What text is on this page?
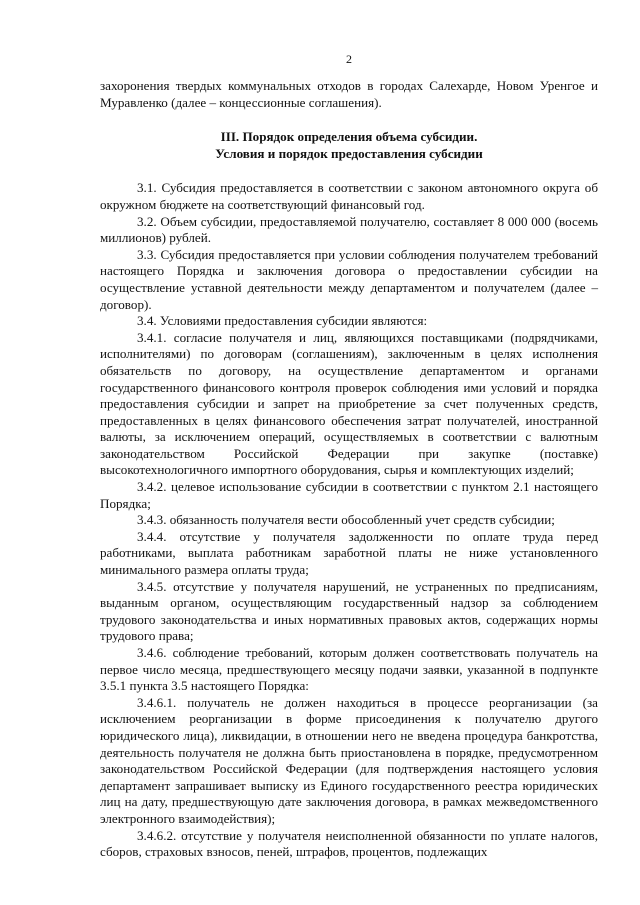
2

захоронения твердых коммунальных отходов в городах Салехарде, Новом Уренгое и Муравленко (далее – концессионные соглашения).

III. Порядок определения объема субсидии.

Условия и порядок предоставления субсидии

3.1. Субсидия предоставляется в соответствии с законом автономного округа об окружном бюджете на соответствующий финансовый год.

3.2. Объем субсидии, предоставляемой получателю, составляет 8 000 000 (восемь миллионов) рублей.

3.3. Субсидия предоставляется при условии соблюдения получателем требований настоящего Порядка и заключения договора о предоставлении субсидии на осуществление уставной деятельности между департаментом и получателем (далее – договор).

3.4. Условиями предоставления субсидии являются:

3.4.1. согласие получателя и лиц, являющихся поставщиками (подрядчиками, исполнителями) по договорам (соглашениям), заключенным в целях исполнения обязательств по договору, на осуществление департаментом и органами государственного финансового контроля проверок соблюдения ими условий и порядка предоставления субсидии и запрет на приобретение за счет полученных средств, предоставленных в целях финансового обеспечения затрат получателей, иностранной валюты, за исключением операций, осуществляемых в соответствии с валютным законодательством Российской Федерации при закупке (поставке) высокотехнологичного импортного оборудования, сырья и комплектующих изделий;

3.4.2. целевое использование субсидии в соответствии с пунктом 2.1 настоящего Порядка;

3.4.3. обязанность получателя вести обособленный учет средств субсидии;

3.4.4. отсутствие у получателя задолженности по оплате труда перед работниками, выплата работникам заработной платы не ниже установленного минимального размера оплаты труда;

3.4.5. отсутствие у получателя нарушений, не устраненных по предписаниям, выданным органом, осуществляющим государственный надзор за соблюдением трудового законодательства и иных нормативных правовых актов, содержащих нормы трудового права;

3.4.6. соблюдение требований, которым должен соответствовать получатель на первое число месяца, предшествующего месяцу подачи заявки, указанной в подпункте 3.5.1 пункта 3.5 настоящего Порядка:

3.4.6.1. получатель не должен находиться в процессе реорганизации (за исключением реорганизации в форме присоединения к получателю другого юридического лица), ликвидации, в отношении него не введена процедура банкротства, деятельность получателя не должна быть приостановлена в порядке, предусмотренном законодательством Российской Федерации (для подтверждения настоящего условия департамент запрашивает выписку из Единого государственного реестра юридических лиц на дату, предшествующую дате заключения договора, в рамках межведомственного электронного взаимодействия);

3.4.6.2. отсутствие у получателя неисполненной обязанности по уплате налогов, сборов, страховых взносов, пеней, штрафов, процентов, подлежащих
